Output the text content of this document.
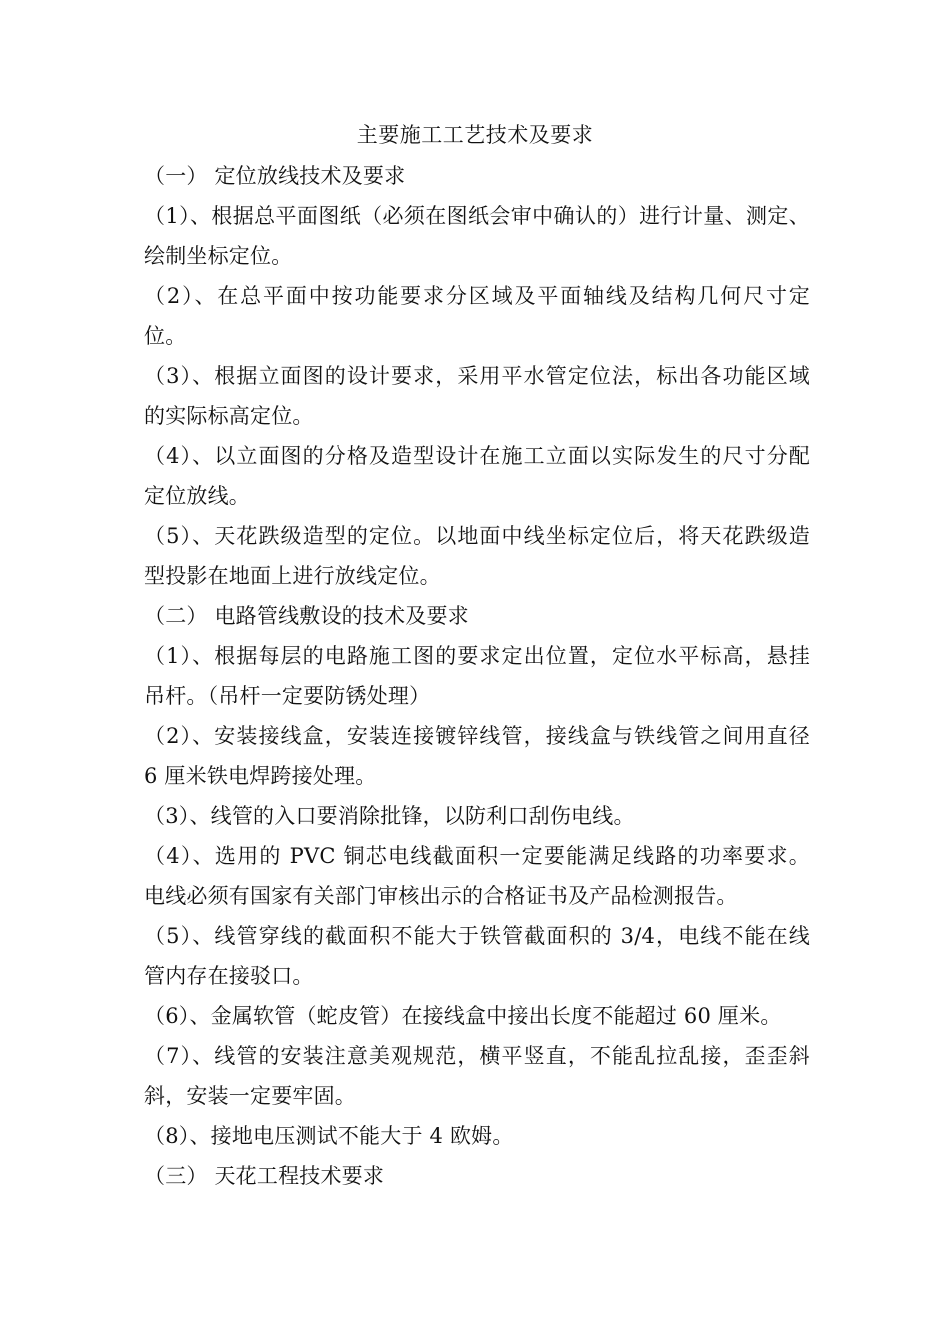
主要施工工艺技术及要求
（一） 定位放线技术及要求
（1）、根据总平面图纸（必须在图纸会审中确认的）进行计量、测定、
绘制坐标定位。
（2）、在总平面中按功能要求分区域及平面轴线及结构几何尺寸定
位。
（3）、根据立面图的设计要求，采用平水管定位法，标出各功能区域
的实际标高定位。
（4）、以立面图的分格及造型设计在施工立面以实际发生的尺寸分配
定位放线。
（5）、天花跌级造型的定位。以地面中线坐标定位后，将天花跌级造
型投影在地面上进行放线定位。
（二） 电路管线敷设的技术及要求
（1）、根据每层的电路施工图的要求定出位置，定位水平标高，悬挂
吊杆。（吊杆一定要防锈处理）
（2）、安装接线盒，安装连接镀锌线管，接线盒与铁线管之间用直径
6 厘米铁电焊跨接处理。
（3）、线管的入口要消除批锋，以防利口刮伤电线。
（4）、选用的 PVC 铜芯电线截面积一定要能满足线路的功率要求。
电线必须有国家有关部门审核出示的合格证书及产品检测报告。
（5）、线管穿线的截面积不能大于铁管截面积的 3/4，电线不能在线
管内存在接驳口。
（6）、金属软管（蛇皮管）在接线盒中接出长度不能超过 60 厘米。
（7）、线管的安装注意美观规范，横平竖直，不能乱拉乱接，歪歪斜
斜，安装一定要牢固。
（8）、接地电压测试不能大于 4 欧姆。
（三） 天花工程技术要求
